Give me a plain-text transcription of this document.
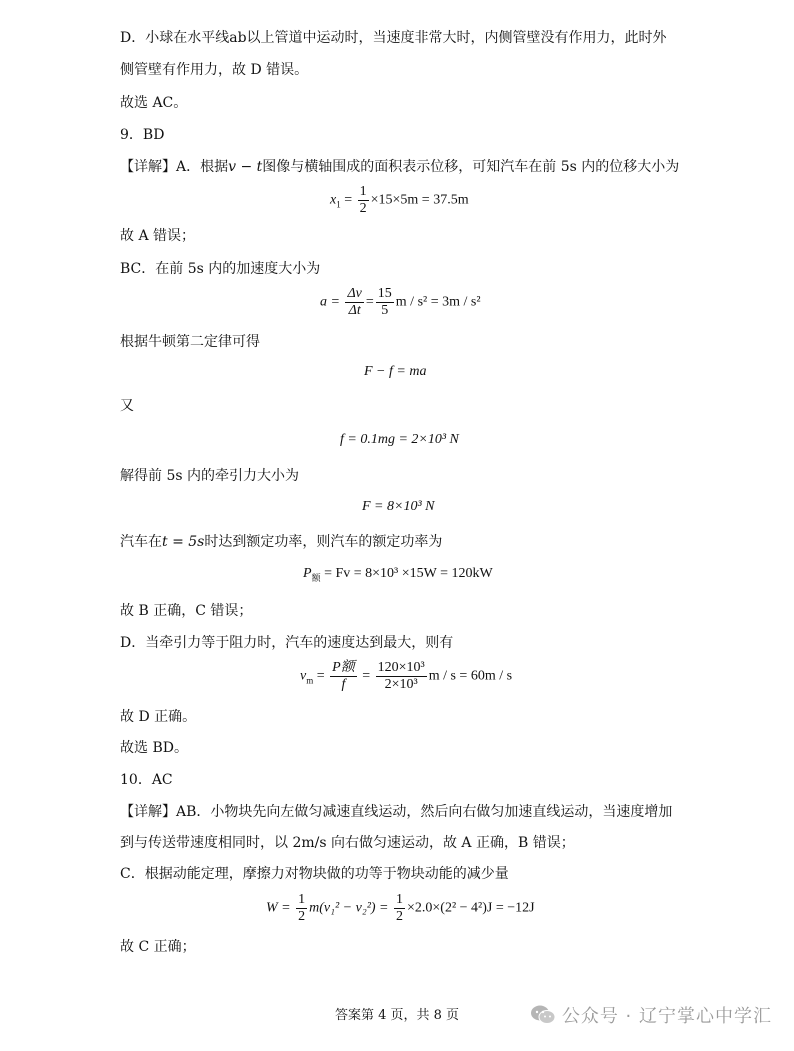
D．小球在水平线ab以上管道中运动时，当速度非常大时，内侧管壁没有作用力，此时外
侧管壁有作用力，故 D 错误。
故选 AC。
9．BD
【详解】A．根据v − t图像与横轴围成的面积表示位移，可知汽车在前 5s 内的位移大小为
$x_1 = \frac{1}{2} \times 15\times 5m = 37.5m$
故 A 错误；
BC．在前 5s 内的加速度大小为
$a = \frac{\Delta v}{\Delta t} = \frac{15}{5}$ m / s² = 3m / s²
根据牛顿第二定律可得
F − f = ma
又
f = 0.1mg = 2×10³ N
解得前 5s 内的牵引力大小为
F = 8×10³ N
汽车在t = 5s时达到额定功率，则汽车的额定功率为
$P_额 = Fv = 8\times 10^3 \times 15W = 120kW$
故 B 正确，C 错误；
D．当牵引力等于阻力时，汽车的速度达到最大，则有
$v_m = \frac{\text{P额}}{f} = \frac{\text{120×10³}}{\text{2×10³}}$ m / s = 60m / s
故 D 正确。
故选 BD。
10．AC
【详解】AB．小物块先向左做匀减速直线运动，然后向右做匀加速直线运动，当速度增加
到与传送带速度相同时，以 2m/s 向右做匀速运动，故 A 正确，B 错误；
C．根据动能定理，摩擦力对物块做的功等于物块动能的减少量
$W = \frac{1}{2} m(v_1^2 - v_2^2) = \frac{1}{2} \times 2.0\times(2^2 - 4^2)J = -12J$
故 C 正确；
答案第 4 页，共 8 页	公众号 · 辽宁掌心中学汇
